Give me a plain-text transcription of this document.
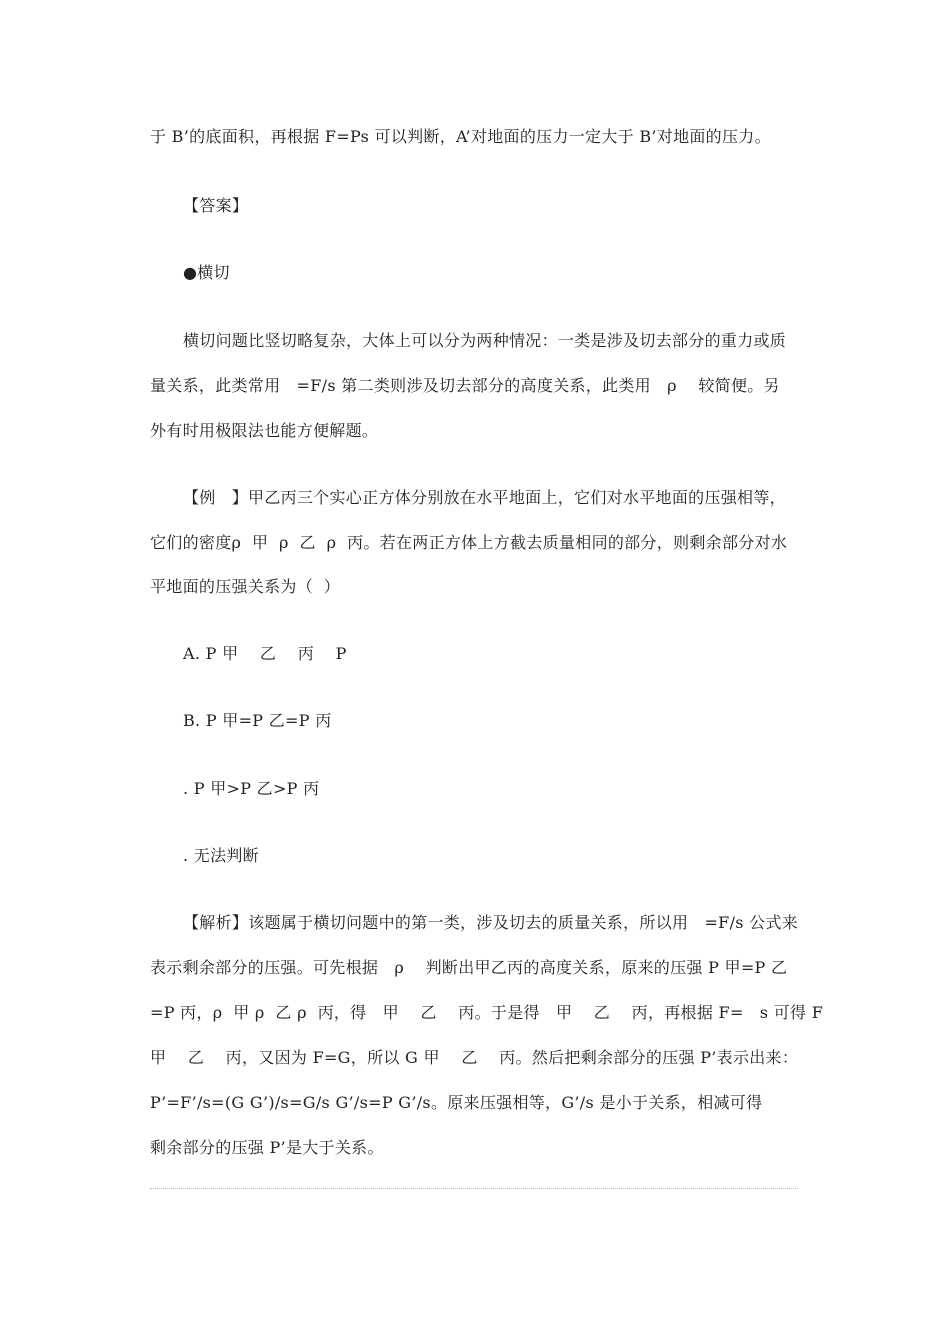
于 B’的底面积，再根据 F=Ps 可以判断，A’对地面的压力一定大于 B’对地面的压力。
【答案】
●横切
横切问题比竖切略复杂，大体上可以分为两种情况：一类是涉及切去部分的重力或质
量关系，此类常用   =F/s 第二类则涉及切去部分的高度关系，此类用   ρ    较简便。另
外有时用极限法也能方便解题。
【例   】甲乙丙三个实心正方体分别放在水平地面上，它们对水平地面的压强相等，
它们的密度ρ  甲  ρ  乙  ρ  丙。若在两正方体上方截去质量相同的部分，则剩余部分对水
平地面的压强关系为（  ）
A. P 甲    乙    丙    P
B. P 甲=P 乙=P 丙
. P 甲>P 乙>P 丙
. 无法判断
【解析】该题属于横切问题中的第一类，涉及切去的质量关系，所以用   =F/s 公式来
表示剩余部分的压强。可先根据   ρ    判断出甲乙丙的高度关系，原来的压强 P 甲=P 乙
=P 丙，ρ  甲 ρ  乙 ρ  丙，得   甲    乙    丙。于是得   甲    乙    丙，再根据 F=   s 可得 F
甲    乙    丙，又因为 F=G，所以 G 甲    乙    丙。然后把剩余部分的压强 P’表示出来：
P’=F’/s=(G G’)/s=G/s G’/s=P G’/s。原来压强相等，G’/s 是小于关系，相减可得
剩余部分的压强 P’是大于关系。
